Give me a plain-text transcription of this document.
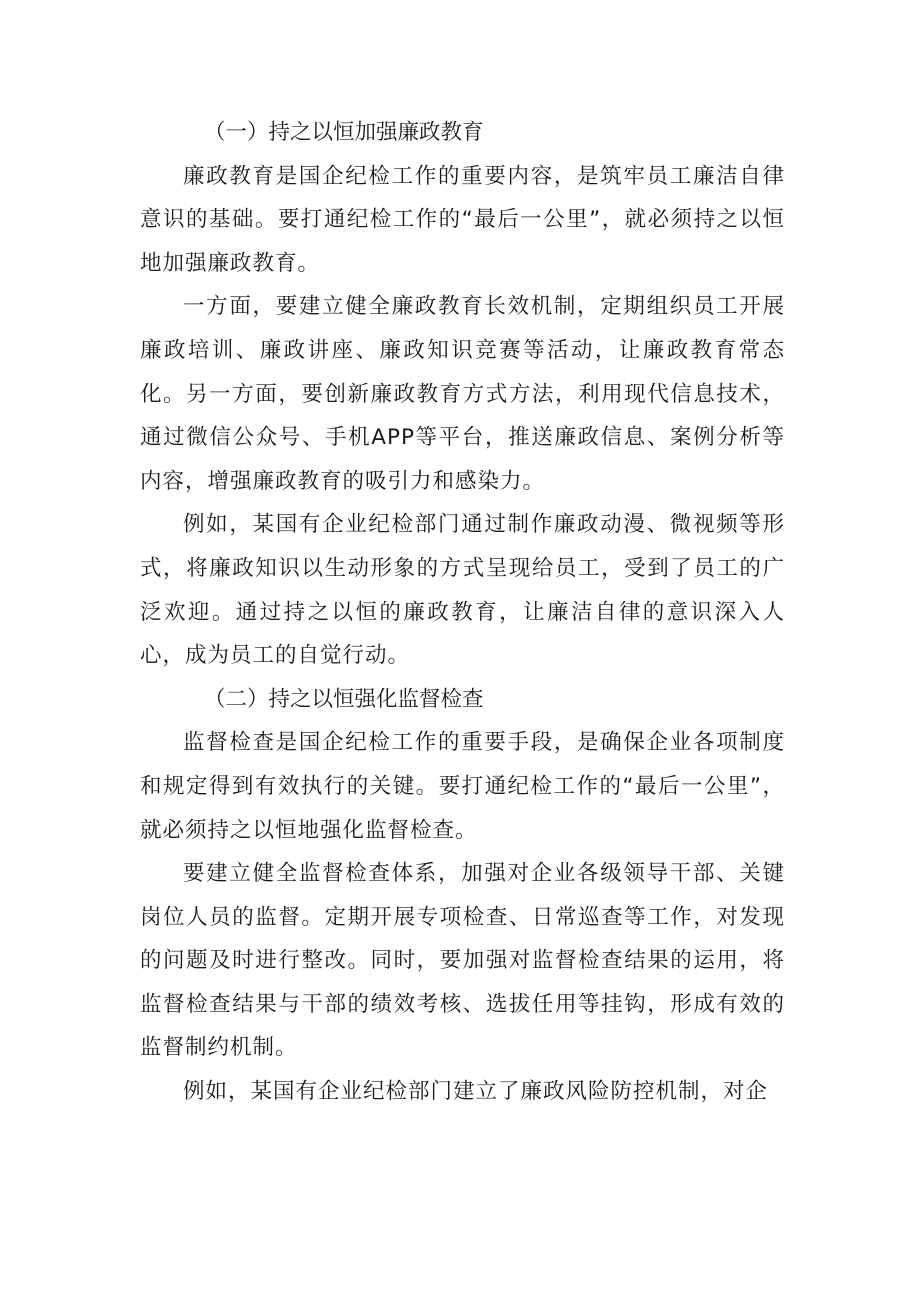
（一）持之以恒加强廉政教育

廉政教育是国企纪检工作的重要内容，是筑牢员工廉洁自律意识的基础。要打通纪检工作的“最后一公里”，就必须持之以恒地加强廉政教育。

一方面，要建立健全廉政教育长效机制，定期组织员工开展廉政培训、廉政讲座、廉政知识竞赛等活动，让廉政教育常态化。另一方面，要创新廉政教育方式方法，利用现代信息技术，通过微信公众号、手机APP等平台，推送廉政信息、案例分析等内容，增强廉政教育的吸引力和感染力。

例如，某国有企业纪检部门通过制作廉政动漫、微视频等形式，将廉政知识以生动形象的方式呈现给员工，受到了员工的广泛欢迎。通过持之以恒的廉政教育，让廉洁自律的意识深入人心，成为员工的自觉行动。

（二）持之以恒强化监督检查

监督检查是国企纪检工作的重要手段，是确保企业各项制度和规定得到有效执行的关键。要打通纪检工作的“最后一公里”，就必须持之以恒地强化监督检查。

要建立健全监督检查体系，加强对企业各级领导干部、关键岗位人员的监督。定期开展专项检查、日常巡查等工作，对发现的问题及时进行整改。同时，要加强对监督检查结果的运用，将监督检查结果与干部的绩效考核、选拔任用等挂钩，形成有效的监督制约机制。

例如，某国有企业纪检部门建立了廉政风险防控机制，对企
